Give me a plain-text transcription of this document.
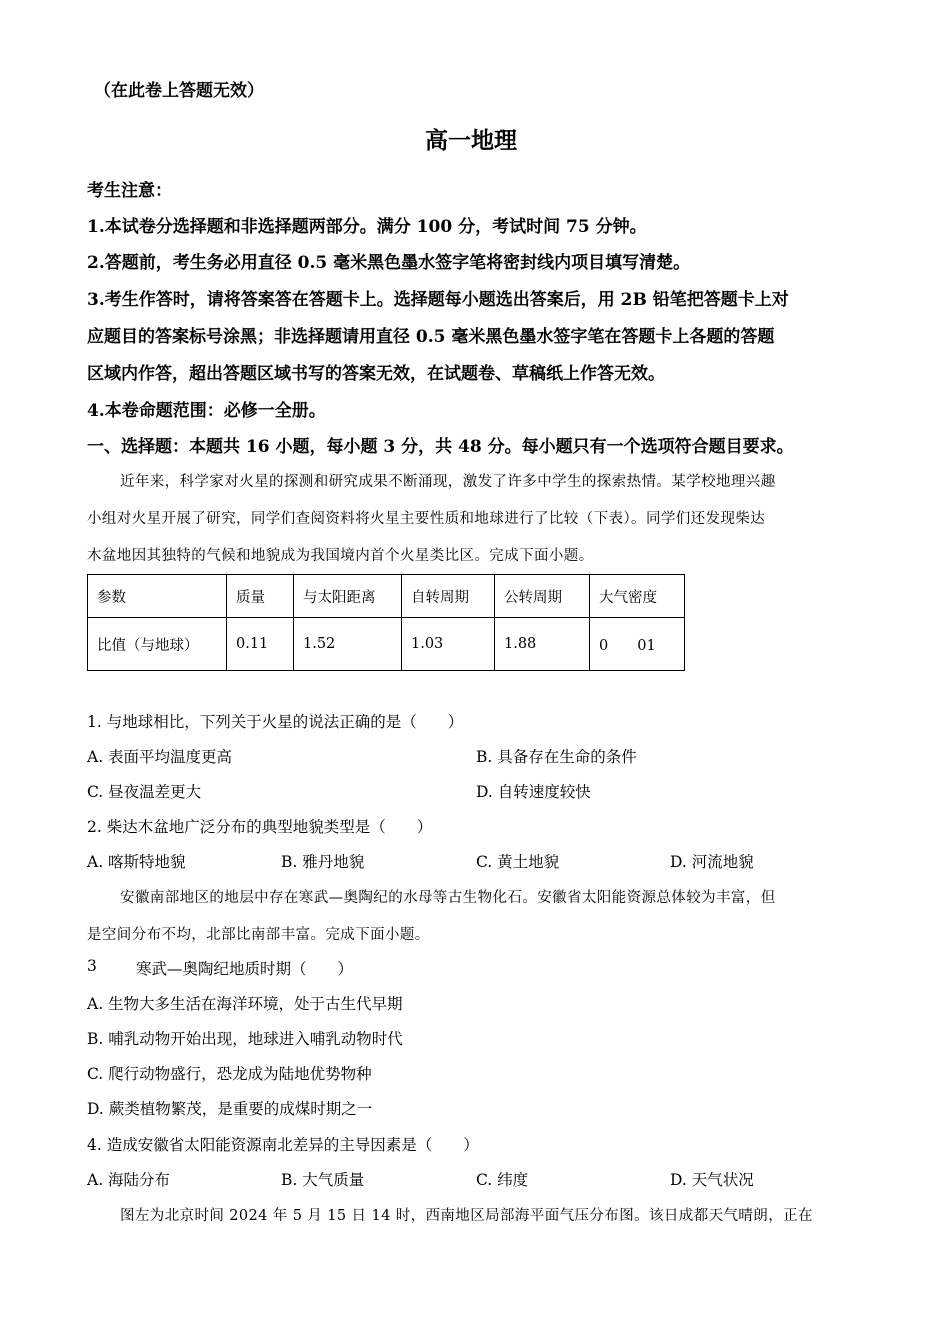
（在此卷上答题无效）
高一地理
考生注意：
1.本试卷分选择题和非选择题两部分。满分 100 分，考试时间 75 分钟。
2.答题前，考生务必用直径 0.5 毫米黑色墨水签字笔将密封线内项目填写清楚。
3.考生作答时，请将答案答在答题卡上。选择题每小题选出答案后，用 2B 铅笔把答题卡上对
应题目的答案标号涂黑；非选择题请用直径 0.5 毫米黑色墨水签字笔在答题卡上各题的答题
区域内作答，超出答题区域书写的答案无效，在试题卷、草稿纸上作答无效。
4.本卷命题范围：必修一全册。
一、选择题：本题共 16 小题，每小题 3 分，共 48 分。每小题只有一个选项符合题目要求。
近年来，科学家对火星的探测和研究成果不断涌现，激发了许多中学生的探索热情。某学校地理兴趣
小组对火星开展了研究，同学们查阅资料将火星主要性质和地球进行了比较（下表）。同学们还发现柴达
木盆地因其独特的气候和地貌成为我国境内首个火星类比区。完成下面小题。
参数	质量	与太阳距离	自转周期	公转周期	大气密度
比值（与地球）	0.11	1.52	1.03	1.88	0　　01
1. 与地球相比，下列关于火星的说法正确的是（　　）
A. 表面平均温度更高	B. 具备存在生命的条件
C. 昼夜温差更大	D. 自转速度较快
2. 柴达木盆地广泛分布的典型地貌类型是（　　）
A. 喀斯特地貌	B. 雅丹地貌	C. 黄土地貌	D. 河流地貌
安徽南部地区的地层中存在寒武—奥陶纪的水母等古生物化石。安徽省太阳能资源总体较为丰富，但
是空间分布不均，北部比南部丰富。完成下面小题。
3	寒武—奥陶纪地质时期（　　）
A. 生物大多生活在海洋环境，处于古生代早期
B. 哺乳动物开始出现，地球进入哺乳动物时代
C. 爬行动物盛行，恐龙成为陆地优势物种
D. 蕨类植物繁茂，是重要的成煤时期之一
4. 造成安徽省太阳能资源南北差异的主导因素是（　　）
A. 海陆分布	B. 大气质量	C. 纬度	D. 天气状况
图左为北京时间 2024 年 5 月 15 日 14 时，西南地区局部海平面气压分布图。该日成都天气晴朗，正在
